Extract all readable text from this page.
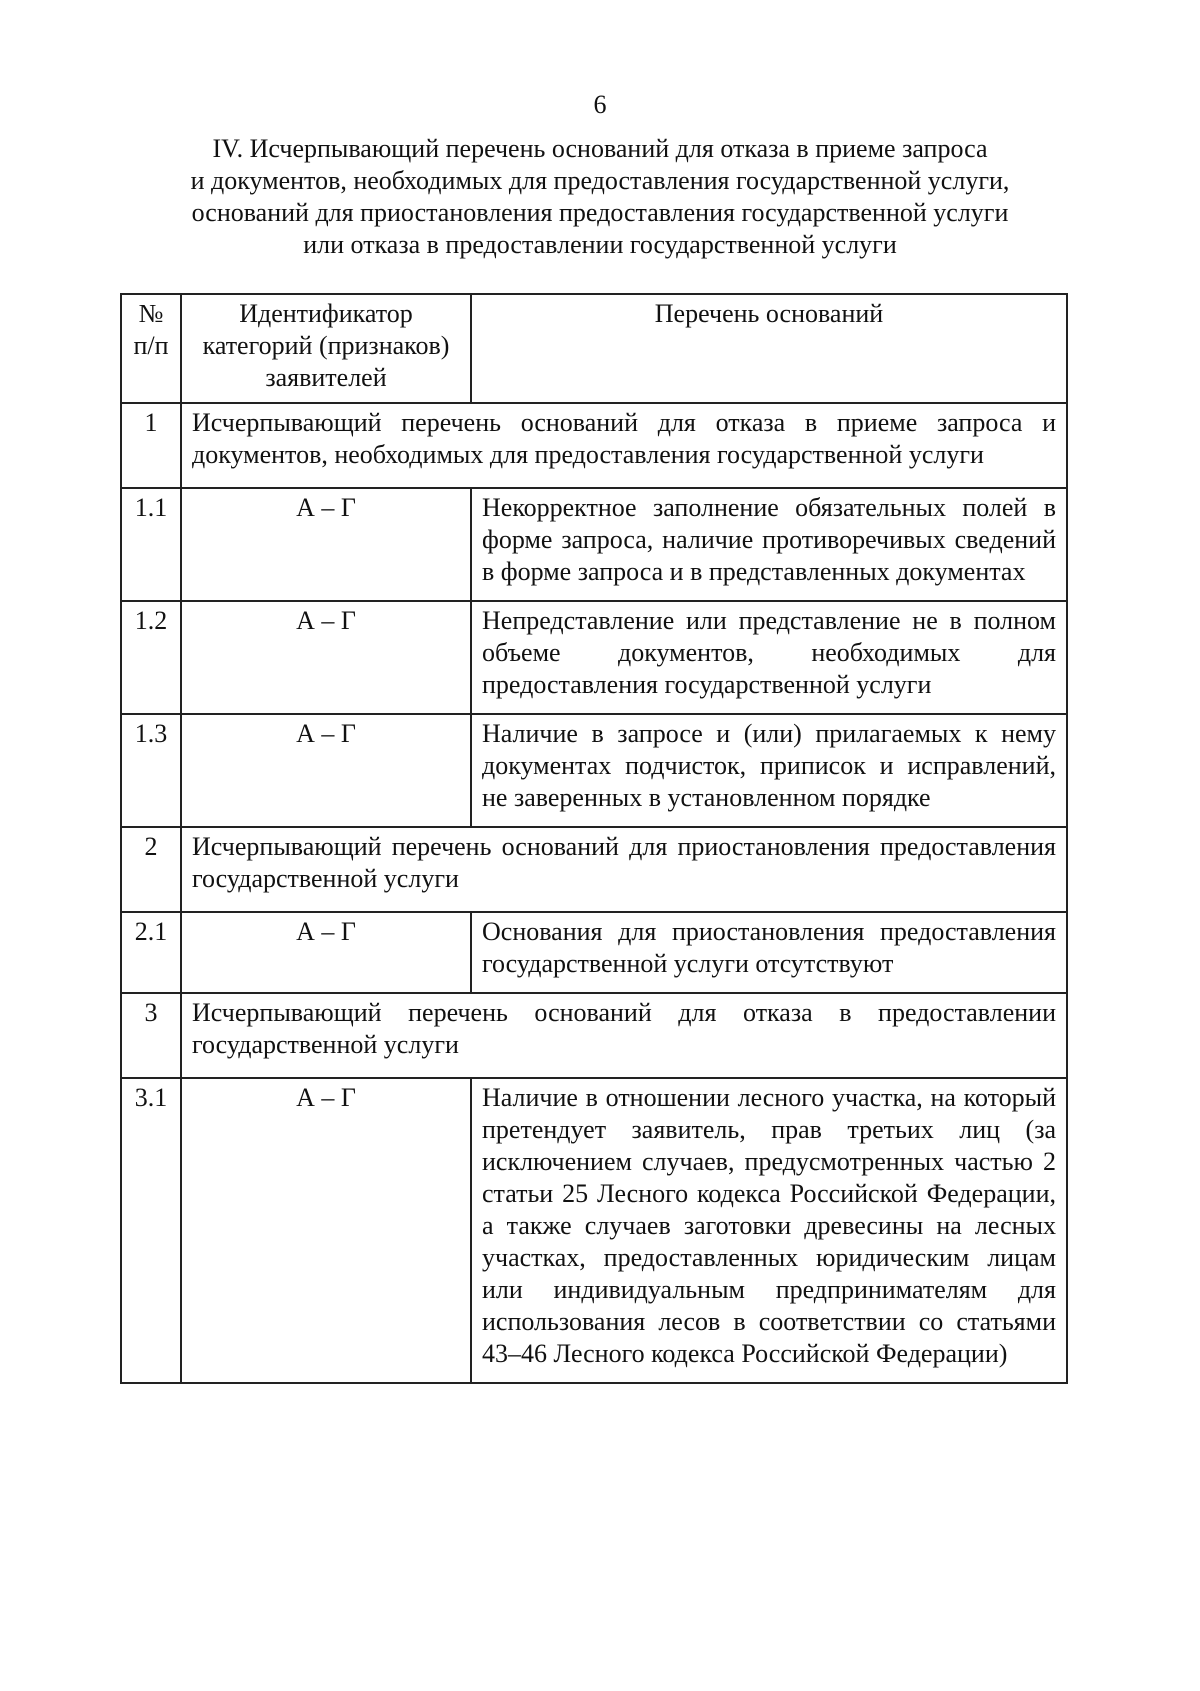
6
IV. Исчерпывающий перечень оснований для отказа в приеме запроса
и документов, необходимых для предоставления государственной услуги,
оснований для приостановления предоставления государственной услуги
или отказа в предоставлении государственной услуги
№ п/п	Идентификатор категорий (признаков) заявителей	Перечень оснований
1	Исчерпывающий перечень оснований для отказа в приеме запроса и документов, необходимых для предоставления государственной услуги	
1.1	А – Г	Некорректное заполнение обязательных полей в форме запроса, наличие противоречивых сведений в форме запроса и в представленных документах
1.2	А – Г	Непредставление или представление не в полном объеме документов, необходимых для предоставления государственной услуги
1.3	А – Г	Наличие в запросе и (или) прилагаемых к нему документах подчисток, приписок и исправлений, не заверенных в установленном порядке
2	Исчерпывающий перечень оснований для приостановления предоставления государственной услуги	
2.1	А – Г	Основания для приостановления предоставления государственной услуги отсутствуют
3	Исчерпывающий перечень оснований для отказа в предоставлении государственной услуги	
3.1	А – Г	Наличие в отношении лесного участка, на который претендует заявитель, прав третьих лиц (за исключением случаев, предусмотренных частью 2 статьи 25 Лесного кодекса Российской Федерации, а также случаев заготовки древесины на лесных участках, предоставленных юридическим лицам или индивидуальным предпринимателям для использования лесов в соответствии со статьями 43–46 Лесного кодекса Российской Федерации)
